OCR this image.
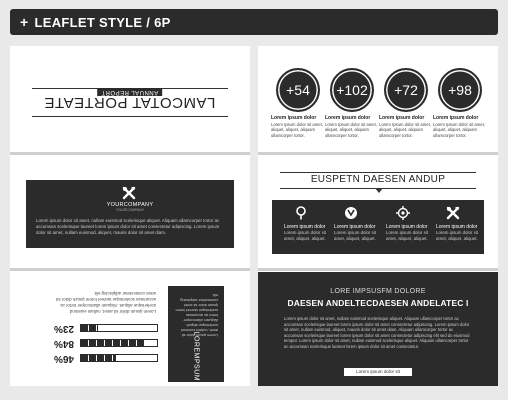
+ LEAFLET STYLE / 6P
ANNUAL REPORT
LAMCOTAT PORTEATE
YOURCOMPANY
YOURCOMPANY
Lorem ipsum dolor sit amet, nullam euismod scelerisque aliquet. Aliquam ullamcorper tortor ac accumsan scelerisque laoreet lorem ipsum dolor sit amet consectetur adipiscing. Lorem ipsum dolor sit amet, nullam euismod, aliquet, mauris dolor sit amet diam.
Lorem ipsum dolor sit amet, nullam euismod scelerisque aliquet. Aliquam ullamcorper tortor ac accumsan scelerisque laoreet lorem ipsum dolor sit amet consectetur adipiscing elit.
23%
84%
46%
Lorem ipsum dolor sit amet, nullam euismod scelerisque aliquet. Aliquam ullamcorper tortor ac accumsan scelerisque laoreet lorem ipsum dolor sit amet consectetur adipiscing elit.
LOREMPSUM
+54	+102	+72	+98
Lorem ipsum dolor
Lorem Ipsum dolor sit amet, aliquet, aliquet, aliquam ullamcorper tortor.
Lorem ipsum dolor
Lorem Ipsum dolor sit amet, aliquet, aliquet, aliquam ullamcorper tortor.
Lorem ipsum dolor
Lorem Ipsum dolor sit amet, aliquet, aliquet, aliquam ullamcorper tortor.
Lorem ipsum dolor
Lorem Ipsum dolor sit amet, aliquet, aliquet, aliquam ullamcorper tortor.
EUSPETN DAESEN ANDUP
Lorem ipsum dolor
Lorem ipsum dolor sit amet, aliquet, aliquet.
Lorem ipsum dolor
Lorem ipsum dolor sit amet, aliquet, aliquet.
Lorem ipsum dolor
Lorem ipsum dolor sit amet, aliquet, aliquet.
Lorem ipsum dolor
Lorem ipsum dolor sit amet, aliquet, aliquet.
LORE IMPSUSFM DOLORE
DAESEN ANDELTECDAESEN ANDELATEC I
Lorem ipsum dolor sit amet, nullam euismod scelerisque aliquet. Aliquam ullamcorper tortor ac accumsan scelerisque laoreet lorem ipsum dolor sit amet consectetur adipiscing. Lorem ipsum dolor sit amet, nullam euismod, aliquet, mauris dolor sit amet diam. Aliquam ullamcorper tortor ac accumsan scelerisque laoreet lorem ipsum dolor sit amet consectetur adipiscing elit sed do eiusmod tempor. Lorem ipsum dolor sit amet, nullam euismod scelerisque aliquet. Aliquam ullamcorper tortor ac accumsan scelerisque laoreet lorem ipsum dolor sit amet consectetur.
Lorem ipsum dolor sit
